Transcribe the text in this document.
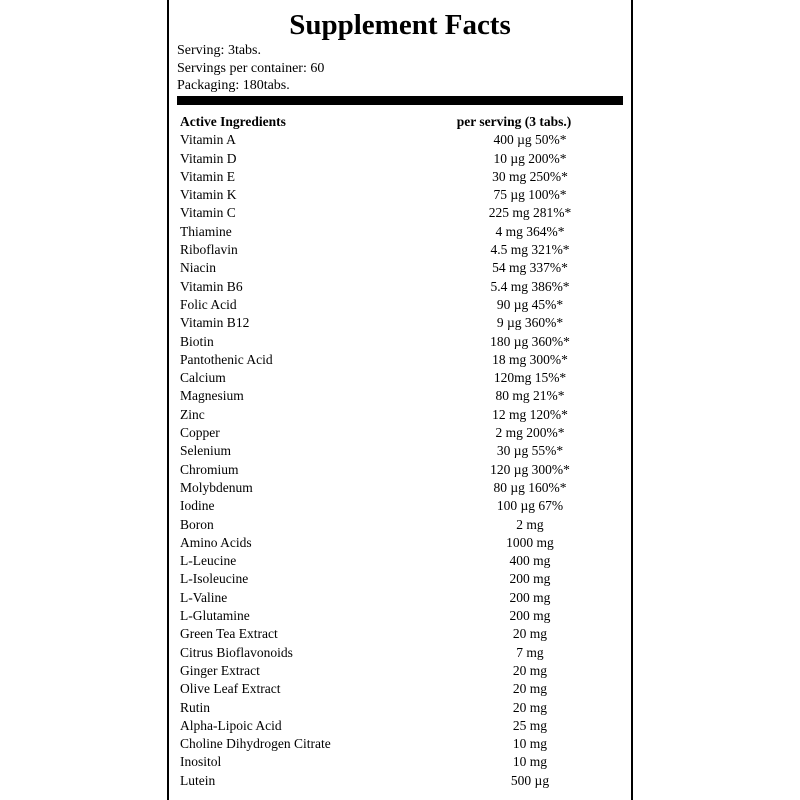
Supplement Facts
Serving: 3tabs.
Servings per container: 60
Packaging: 180tabs.
Active Ingredients	per serving (3 tabs.)
Vitamin A	400 µg 50%*
Vitamin D	10 µg 200%*
Vitamin E	30 mg 250%*
Vitamin K	75 µg 100%*
Vitamin C	225 mg 281%*
Thiamine	4 mg 364%*
Riboflavin	4.5 mg 321%*
Niacin	54 mg 337%*
Vitamin B6	5.4 mg 386%*
Folic Acid	90 µg 45%*
Vitamin B12	9 µg 360%*
Biotin	180 µg 360%*
Pantothenic Acid	18 mg 300%*
Calcium	120mg 15%*
Magnesium	80 mg 21%*
Zinc	12 mg 120%*
Copper	2 mg 200%*
Selenium	30 µg 55%*
Chromium	120 µg 300%*
Molybdenum	80 µg 160%*
Iodine	100 µg 67%
Boron	2 mg
Amino Acids	1000 mg
L-Leucine	400 mg
L-Isoleucine	200 mg
L-Valine	200 mg
L-Glutamine	200 mg
Green Tea Extract	20 mg
Citrus Bioflavonoids	7 mg
Ginger Extract	20 mg
Olive Leaf Extract	20 mg
Rutin	20 mg
Alpha-Lipoic Acid	25 mg
Choline Dihydrogen Citrate	10 mg
Inositol	10 mg
Lutein	500 µg
